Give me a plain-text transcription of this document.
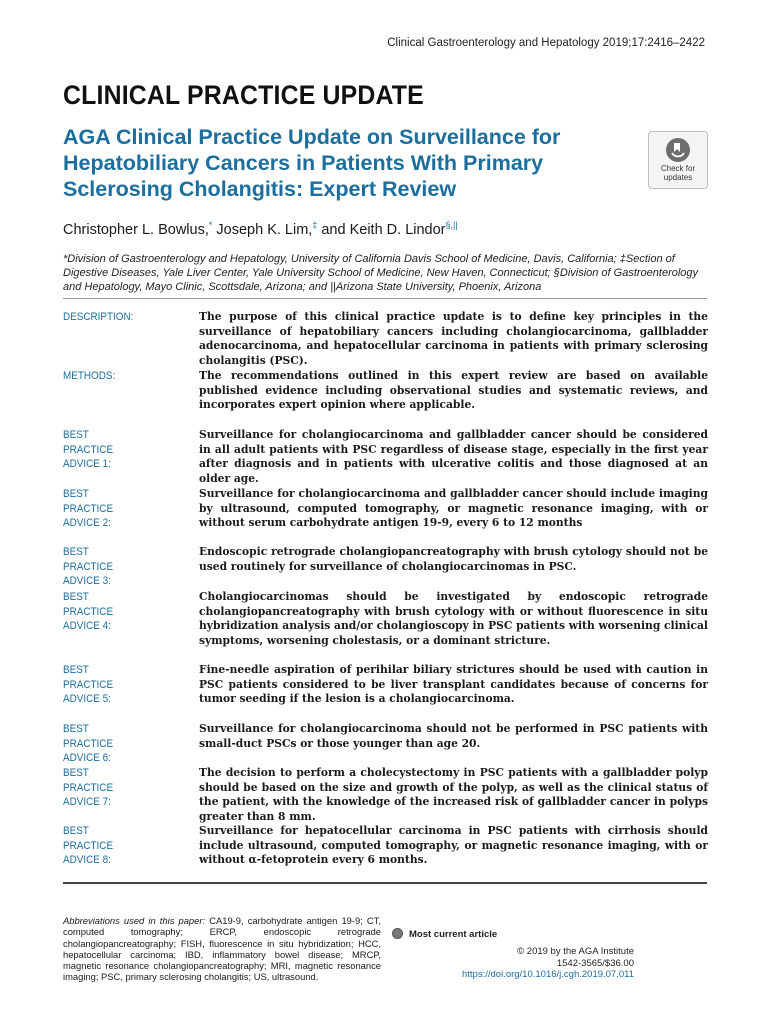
Clinical Gastroenterology and Hepatology 2019;17:2416–2422
CLINICAL PRACTICE UPDATE
AGA Clinical Practice Update on Surveillance for Hepatobiliary Cancers in Patients With Primary Sclerosing Cholangitis: Expert Review
Check for
updates
Christopher L. Bowlus,* Joseph K. Lim,‡ and Keith D. Lindor§,||
*Division of Gastroenterology and Hepatology, University of California Davis School of Medicine, Davis, California; ‡Section of Digestive Diseases, Yale Liver Center, Yale University School of Medicine, New Haven, Connecticut; §Division of Gastroenterology and Hepatology, Mayo Clinic, Scottsdale, Arizona; and ||Arizona State University, Phoenix, Arizona
DESCRIPTION:	The purpose of this clinical practice update is to define key principles in the surveillance of hepatobiliary cancers including cholangiocarcinoma, gallbladder adenocarcinoma, and hepatocellular carcinoma in patients with primary sclerosing cholangitis (PSC).
METHODS:	The recommendations outlined in this expert review are based on available published evidence including observational studies and systematic reviews, and incorporates expert opinion where applicable.
BEST PRACTICE ADVICE 1:
Surveillance for cholangiocarcinoma and gallbladder cancer should be considered in all adult patients with PSC regardless of disease stage, especially in the first year after diagnosis and in patients with ulcerative colitis and those diagnosed at an older age.
BEST PRACTICE ADVICE 2:
Surveillance for cholangiocarcinoma and gallbladder cancer should include imaging by ultrasound, computed tomography, or magnetic resonance imaging, with or without serum carbohydrate antigen 19-9, every 6 to 12 months
BEST PRACTICE ADVICE 3:
Endoscopic retrograde cholangiopancreatography with brush cytology should not be used routinely for surveillance of cholangiocarcinomas in PSC.
BEST PRACTICE ADVICE 4:
Cholangiocarcinomas should be investigated by endoscopic retrograde cholangiopancreatography with brush cytology with or without fluorescence in situ hybridization analysis and/or cholangioscopy in PSC patients with worsening clinical symptoms, worsening cholestasis, or a dominant stricture.
BEST PRACTICE ADVICE 5:
Fine-needle aspiration of perihilar biliary strictures should be used with caution in PSC patients considered to be liver transplant candidates because of concerns for tumor seeding if the lesion is a cholangiocarcinoma.
BEST PRACTICE ADVICE 6:
Surveillance for cholangiocarcinoma should not be performed in PSC patients with small-duct PSCs or those younger than age 20.
BEST PRACTICE ADVICE 7:
The decision to perform a cholecystectomy in PSC patients with a gallbladder polyp should be based on the size and growth of the polyp, as well as the clinical status of the patient, with the knowledge of the increased risk of gallbladder cancer in polyps greater than 8 mm.
BEST PRACTICE ADVICE 8:
Surveillance for hepatocellular carcinoma in PSC patients with cirrhosis should include ultrasound, computed tomography, or magnetic resonance imaging, with or without α-fetoprotein every 6 months.
Abbreviations used in this paper: CA19-9, carbohydrate antigen 19-9; CT, computed tomography; ERCP, endoscopic retrograde cholangiopancreatography; FISH, fluorescence in situ hybridization; HCC, hepatocellular carcinoma; IBD, inflammatory bowel disease; MRCP, magnetic resonance cholangiopancreatography; MRI, magnetic resonance imaging; PSC, primary sclerosing cholangitis; US, ultrasound.
Most current article
© 2019 by the AGA Institute
1542-3565/$36.00
https://doi.org/10.1016/j.cgh.2019.07.011
